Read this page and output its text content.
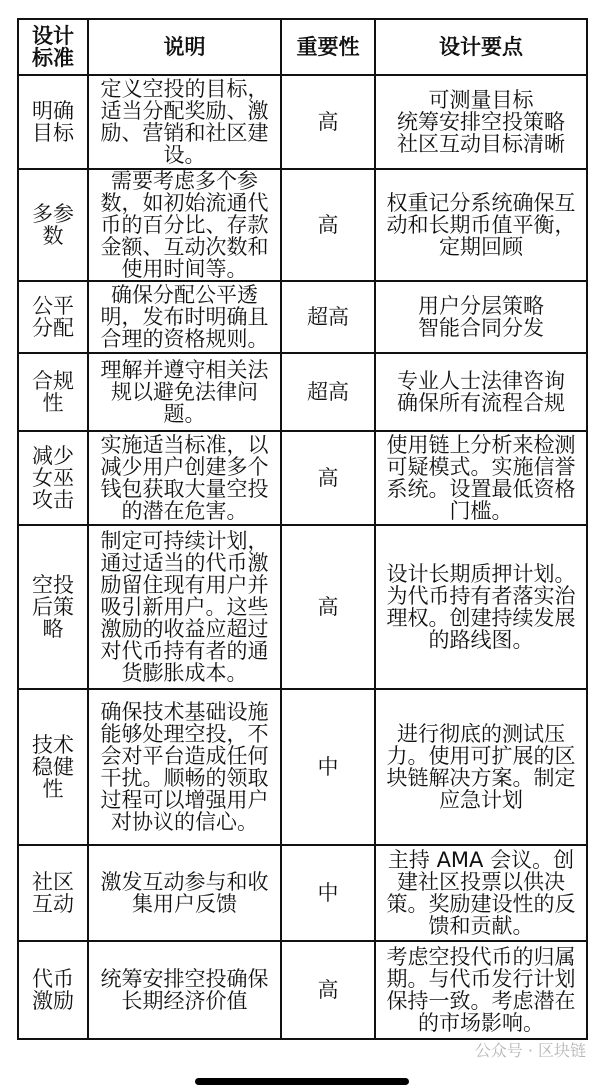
设计标准	说明	重要性	设计要点
明确目标	定义空投的目标，适当分配奖励、激励、营销和社区建设。	高	可测量目标
统筹安排空投策略
社区互动目标清晰
多参数	需要考虑多个参数，如初始流通代币的百分比、存款金额、互动次数和使用时间等。	高	权重记分系统确保互动和长期币值平衡，定期回顾
公平分配	确保分配公平透明，发布时明确且合理的资格规则。	超高	用户分层策略
智能合同分发
合规性	理解并遵守相关法规以避免法律问题。	超高	专业人士法律咨询
确保所有流程合规
减少女巫攻击	实施适当标准，以减少用户创建多个钱包获取大量空投的潜在危害。	高	使用链上分析来检测可疑模式。实施信誉系统。设置最低资格门槛。
空投后策略	制定可持续计划，通过适当的代币激励留住现有用户并吸引新用户。这些激励的收益应超过对代币持有者的通货膨胀成本。	高	设计长期质押计划。为代币持有者落实治理权。创建持续发展的路线图。
技术稳健性	确保技术基础设施能够处理空投，不会对平台造成任何干扰。顺畅的领取过程可以增强用户对协议的信心。	中	进行彻底的测试压力。使用可扩展的区块链解决方案。制定应急计划
社区互动	激发互动参与和收集用户反馈	中	主持 AMA 会议。创建社区投票以供决策。奖励建设性的反馈和贡献。
代币激励	统筹安排空投确保长期经济价值	高	考虑空投代币的归属期。与代币发行计划保持一致。考虑潜在的市场影响。
公众号 · 区块链
